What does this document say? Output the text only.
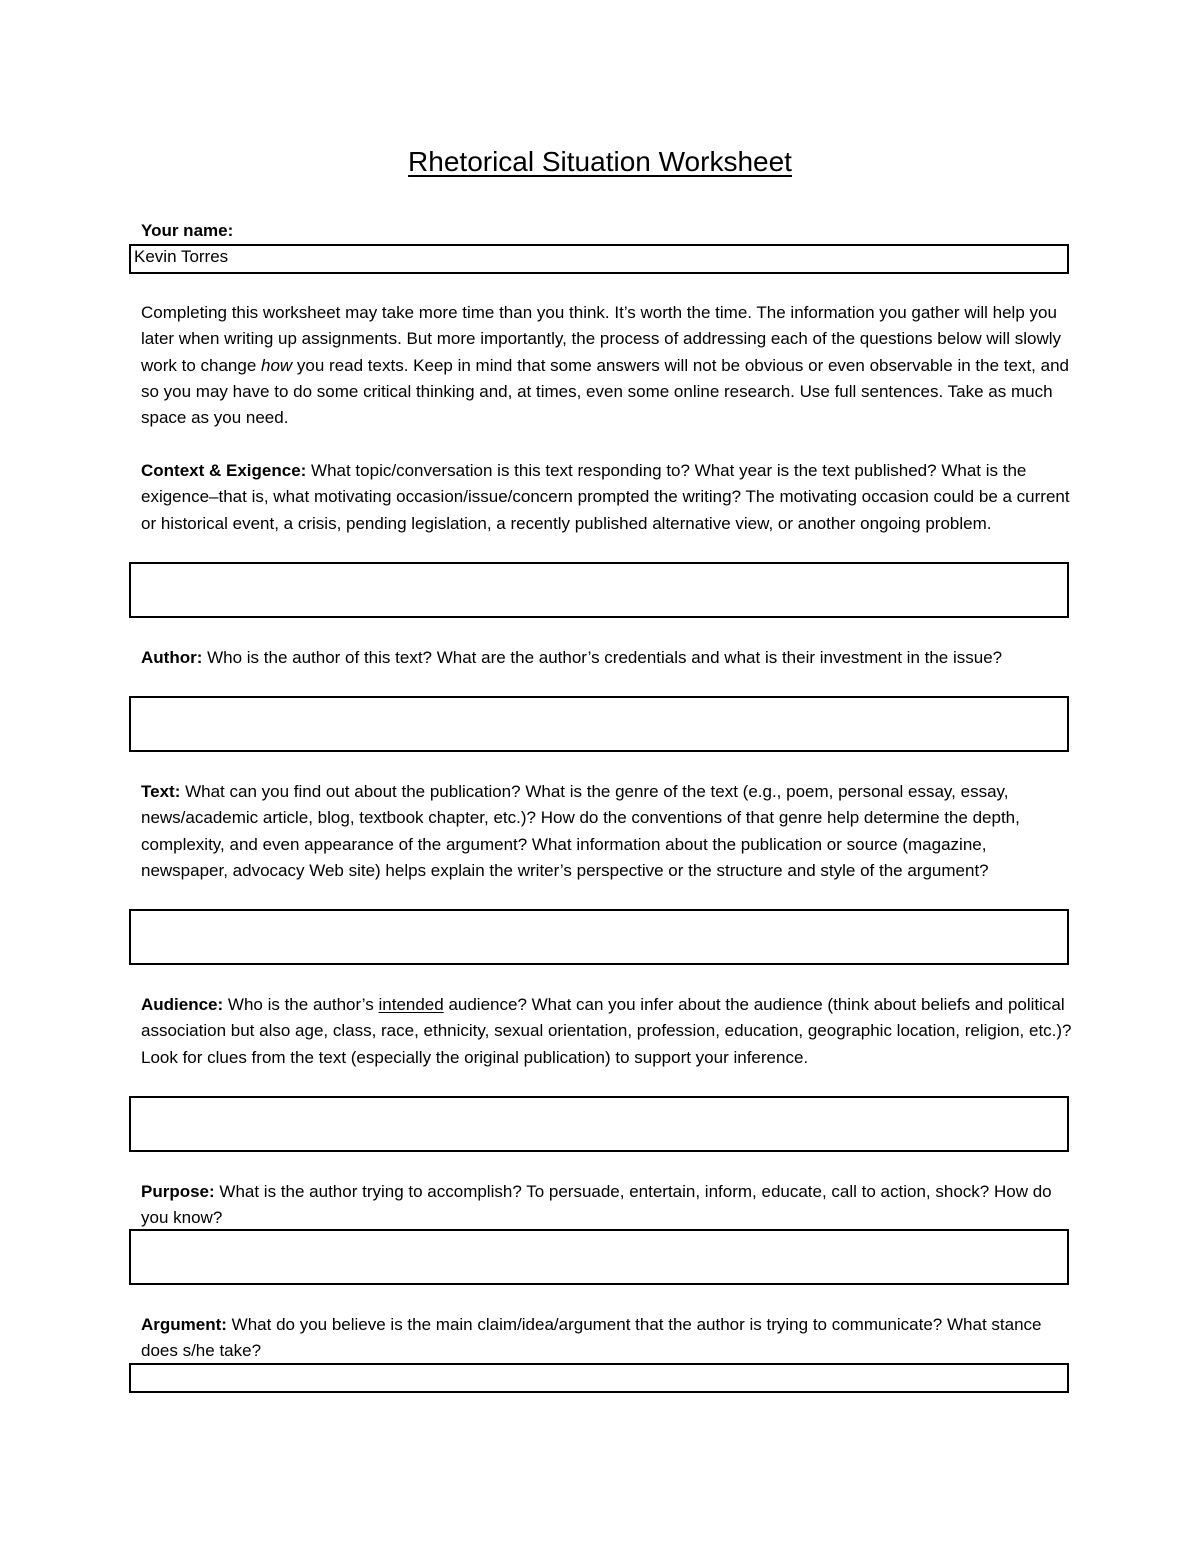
Rhetorical Situation Worksheet
Your name:
Kevin Torres
Completing this worksheet may take more time than you think. It’s worth the time. The information you gather will help you later when writing up assignments. But more importantly, the process of addressing each of the questions below will slowly work to change how you read texts. Keep in mind that some answers will not be obvious or even observable in the text, and so you may have to do some critical thinking and, at times, even some online research. Use full sentences. Take as much space as you need.
Context & Exigence: What topic/conversation is this text responding to? What year is the text published? What is the exigence–that is, what motivating occasion/issue/concern prompted the writing? The motivating occasion could be a current or historical event, a crisis, pending legislation, a recently published alternative view, or another ongoing problem.
Author: Who is the author of this text? What are the author’s credentials and what is their investment in the issue?
Text: What can you find out about the publication? What is the genre of the text (e.g., poem, personal essay, essay, news/academic article, blog, textbook chapter, etc.)? How do the conventions of that genre help determine the depth, complexity, and even appearance of the argument? What information about the publication or source (magazine, newspaper, advocacy Web site) helps explain the writer’s perspective or the structure and style of the argument?
Audience: Who is the author’s intended audience? What can you infer about the audience (think about beliefs and political association but also age, class, race, ethnicity, sexual orientation, profession, education, geographic location, religion, etc.)? Look for clues from the text (especially the original publication) to support your inference.
Purpose: What is the author trying to accomplish? To persuade, entertain, inform, educate, call to action, shock? How do you know?
Argument: What do you believe is the main claim/idea/argument that the author is trying to communicate? What stance does s/he take?
